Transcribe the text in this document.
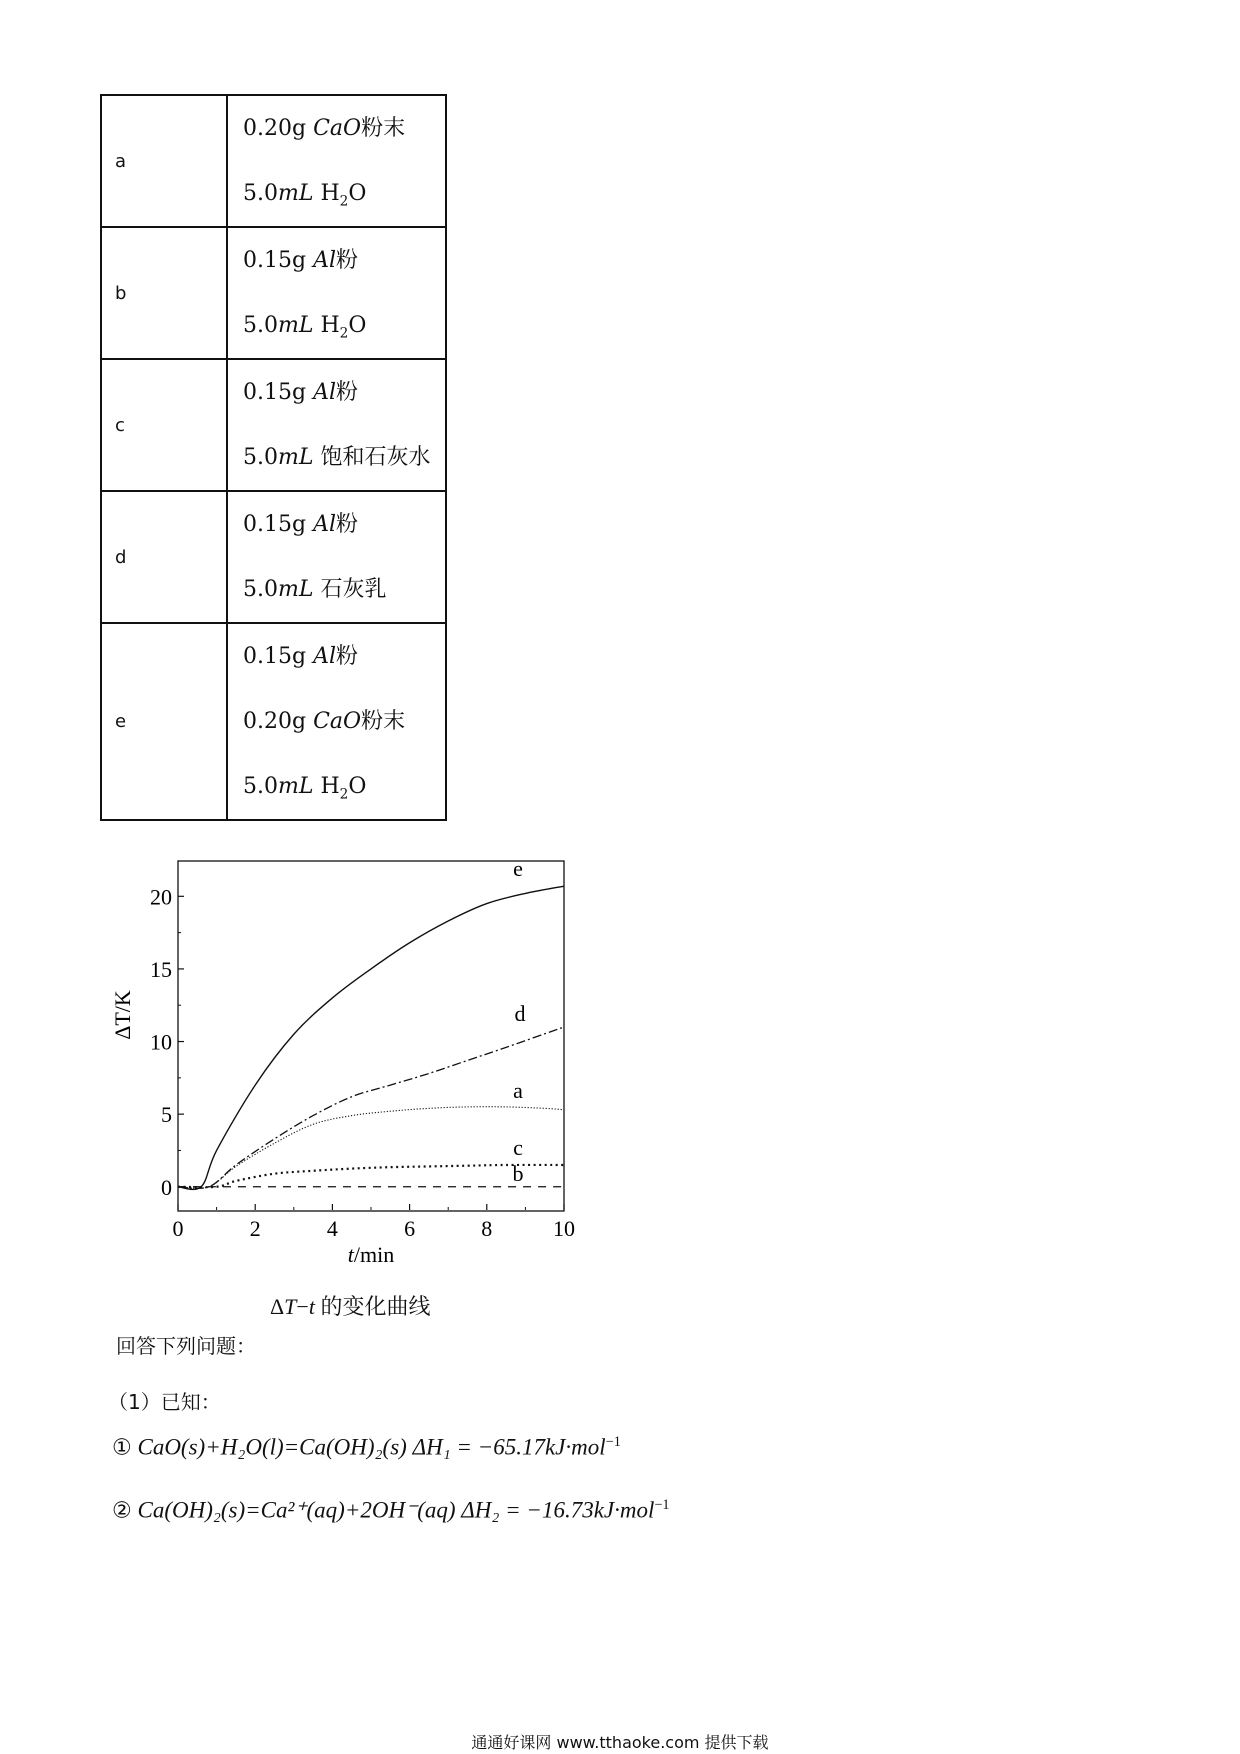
a	0.20g CaO粉末
5.0mL $H_2O$

b	0.15g Al粉
5.0mL $H_2O$

c	0.15g Al粉
5.0mL 饱和石灰水

d	0.15g Al粉
5.0mL 石灰乳

e	0.15g Al粉
0.20g CaO粉末
5.0mL $H_2O$
0	2	4	6	8	10
0
5
10
15
20
ΔT/K
t/min
e
d
a
c
b
ΔT−t 的变化曲线
回答下列问题：
（1）已知：
① CaO(s)+H₂O(l)=Ca(OH)₂(s) ΔH₁ = −65.17kJ·mol$^{-1}$
② Ca(OH)₂(s)=Ca²⁺(aq)+2OH⁻(aq) ΔH₂ = −16.73kJ·mol$^{-1}$
通通好课网 www.tthaoke.com 提供下载
